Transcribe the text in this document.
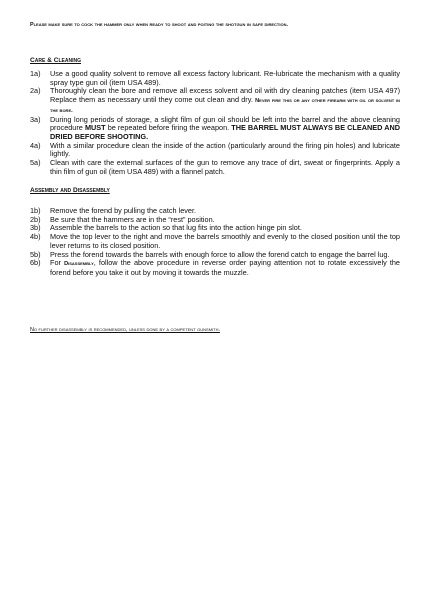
Please make sure to cock the hammer only when ready to shoot and poiting the shotgun in safe direction.
Care & Cleaning
1a)	Use a good quality solvent to remove all excess factory lubricant. Re-lubricate the mechanism with a quality spray type gun oil (item USA 489).
2a)	Thoroughly clean the bore and remove all excess solvent and oil with dry cleaning patches (item USA 497) Replace them as necessary until they come out clean and dry. Never fire this or any other firearm with oil or solvent in the bore.
3a)	During long periods of storage, a slight film of gun oil should be left into the barrel and the above cleaning procedure MUST be repeated before firing the weapon. THE BARREL MUST ALWAYS BE CLEANED AND DRIED BEFORE SHOOTING.
4a)	With a similar procedure clean the inside of the action (particularly around the firing pin holes) and lubricate lightly.
5a)	Clean with care the external surfaces of the gun to remove any trace of dirt, sweat or fingerprints. Apply a thin film of gun oil (item USA 489) with a flannel patch.
Assembly and Disassembly
1b)	Remove the forend by pulling the catch lever.
2b)	Be sure that the hammers are in the “rest” position.
3b)	Assemble the barrels to the action so that lug fits into the action hinge pin slot.
4b)	Move the top lever to the right and move the barrels smoothly and evenly to the closed position until the top lever returns to its closed position.
5b)	Press the forend towards the barrels with enough force to allow the forend catch to engage the barrel lug.
6b)	For Disassembly, follow the above procedure in reverse order paying attention not to rotate excessively the forend before you take it out by moving it towards the muzzle.
No further disassembly is recommended, unless done by a competent gunsmith.
